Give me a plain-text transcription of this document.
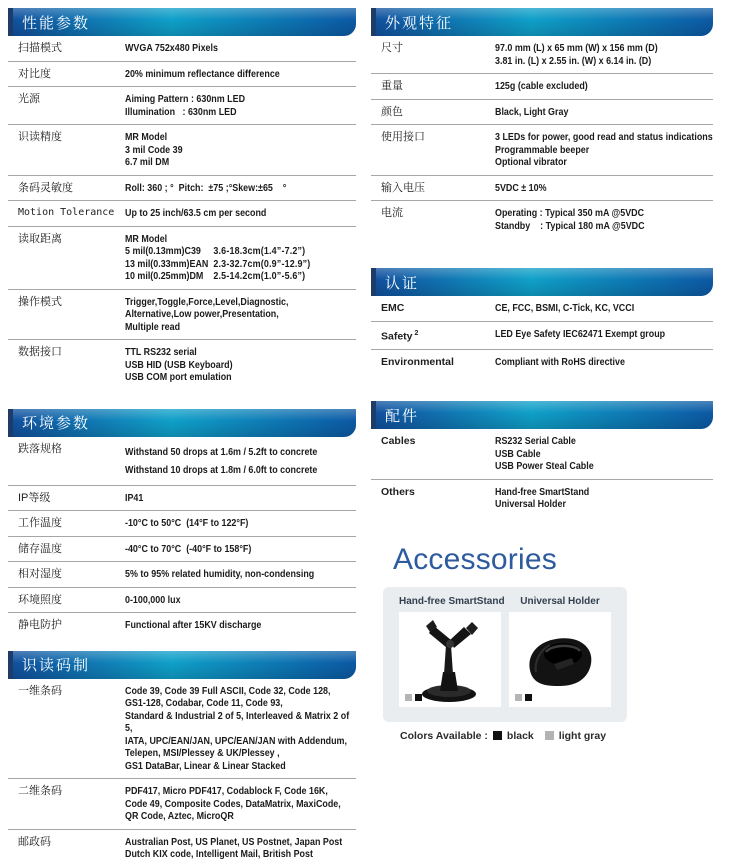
性能参数
扫描模式	WVGA 752x480 Pixels
对比度	20% minimum reflectance difference
光源	Aiming Pattern : 630nm LED
Illumination   : 630nm LED
识读精度	MR Model
3 mil Code 39
6.7 mil DM
条码灵敏度	Roll: 360 ; °  Pitch:  ±75 ;°Skew:±65    °
Motion Tolerance	Up to 25 inch/63.5 cm per second
读取距离	MR Model
5 mil(0.13mm)C39	3.6-18.3cm(1.4”-7.2”)
13 mil(0.33mm)EAN 2.3-32.7cm(0.9”-12.9”)
10 mil(0.25mm)DM 2.5-14.2cm(1.0”-5.6”)
操作模式	Trigger,Toggle,Force,Level,Diagnostic,
Alternative,Low power,Presentation,
Multiple read
数据接口	TTL RS232 serial
USB HID (USB Keyboard)
USB COM port emulation
环境参数
跌落规格	Withstand 50 drops at 1.6m / 5.2ft to concrete
Withstand 10 drops at 1.8m / 6.0ft to concrete
IP等级	IP41
工作温度	-10°C to 50°C  (14°F to 122°F)
储存温度	-40°C to 70°C  (-40°F to 158°F)
相对湿度	5% to 95% related humidity, non-condensing
环境照度	0-100,000 lux
静电防护	Functional after 15KV discharge
识读码制
一维条码	Code 39, Code 39 Full ASCII, Code 32, Code 128,
GS1-128, Codabar, Code 11, Code 93,
Standard & Industrial 2 of 5, Interleaved & Matrix 2 of 5,
IATA, UPC/EAN/JAN, UPC/EAN/JAN with Addendum,
Telepen, MSI/Plessey & UK/Plessey ,
GS1 DataBar, Linear & Linear Stacked
二维条码	PDF417, Micro PDF417, Codablock F, Code 16K,
Code 49, Composite Codes, DataMatrix, MaxiCode,
QR Code, Aztec, MicroQR
邮政码	Australian Post, US Planet, US Postnet, Japan Post
Dutch KIX code, Intelligent Mail, British Post
外观特征
尺寸	97.0 mm (L) x 65 mm (W) x 156 mm (D)
3.81 in. (L) x 2.55 in. (W) x 6.14 in. (D)
重量	125g (cable excluded)
颜色	Black, Light Gray
使用接口	3 LEDs for power, good read and status indications
Programmable beeper
Optional vibrator
输入电压	5VDC ± 10%
电流	Operating : Typical 350 mA @5VDC
Standby    : Typical 180 mA @5VDC
认证
EMC	CE, FCC, BSMI, C-Tick, KC, VCCI
Safety $^2$	LED Eye Safety IEC62471 Exempt group
Environmental	Compliant with RoHS directive
配件
Cables	RS232 Serial Cable
USB Cable
USB Power Steal Cable
Others	Hand-free SmartStand
Universal Holder
Accessories
Hand-free SmartStand	Universal Holder
Colors Available : black light gray
